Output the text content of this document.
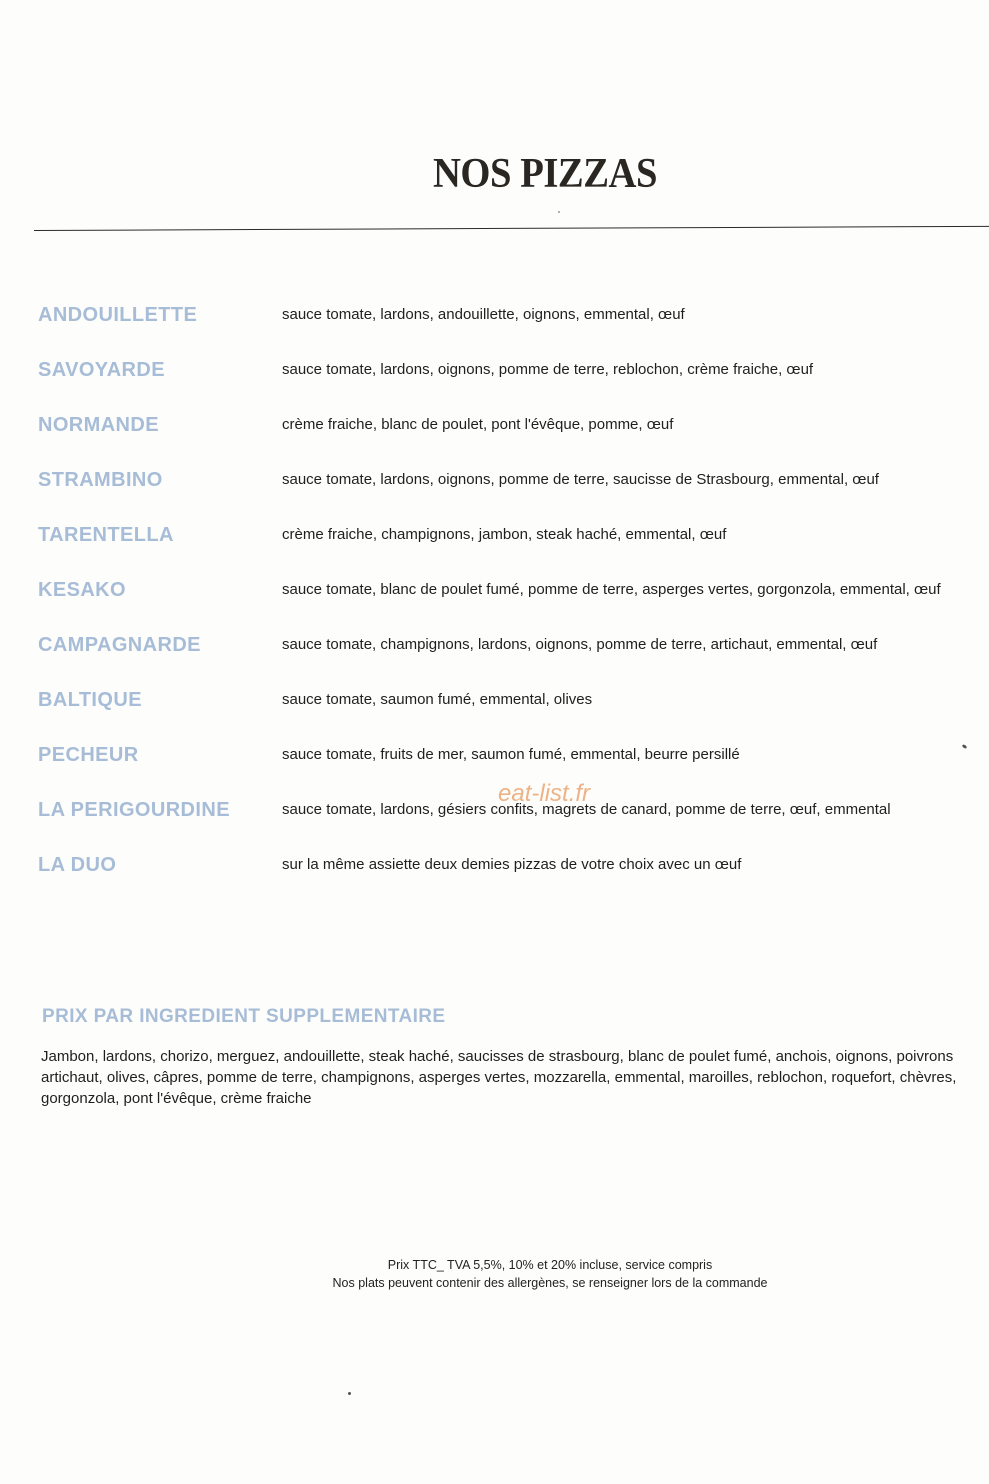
NOS PIZZAS
ANDOUILLETTE	sauce tomate, lardons, andouillette, oignons, emmental, œuf
SAVOYARDE	sauce tomate, lardons, oignons, pomme de terre, reblochon, crème fraiche, œuf
NORMANDE	crème fraiche, blanc de poulet, pont l'évêque, pomme, œuf
STRAMBINO	sauce tomate, lardons, oignons, pomme de terre, saucisse de Strasbourg, emmental, œuf
TARENTELLA	crème fraiche, champignons, jambon, steak haché, emmental, œuf
KESAKO	sauce tomate, blanc de poulet fumé, pomme de terre, asperges vertes, gorgonzola, emmental, œuf
CAMPAGNARDE	sauce tomate, champignons, lardons, oignons, pomme de terre, artichaut, emmental, œuf
BALTIQUE	sauce tomate, saumon fumé, emmental, olives
PECHEUR	sauce tomate, fruits de mer, saumon fumé, emmental, beurre persillé
LA PERIGOURDINE	sauce tomate, lardons, gésiers confits, magrets de canard, pomme de terre, œuf, emmental
LA DUO	sur la même assiette deux demies pizzas de votre choix avec un œuf
eat-list.fr
PRIX PAR INGREDIENT SUPPLEMENTAIRE
Jambon, lardons, chorizo, merguez, andouillette, steak haché, saucisses de strasbourg, blanc de poulet fumé, anchois, oignons, poivrons
artichaut, olives, câpres, pomme de terre, champignons, asperges vertes, mozzarella, emmental, maroilles, reblochon, roquefort, chèvres,
gorgonzola, pont l'évêque, crème fraiche
Prix TTC_ TVA 5,5%, 10% et 20% incluse, service compris
Nos plats peuvent contenir des allergènes, se renseigner lors de la commande
